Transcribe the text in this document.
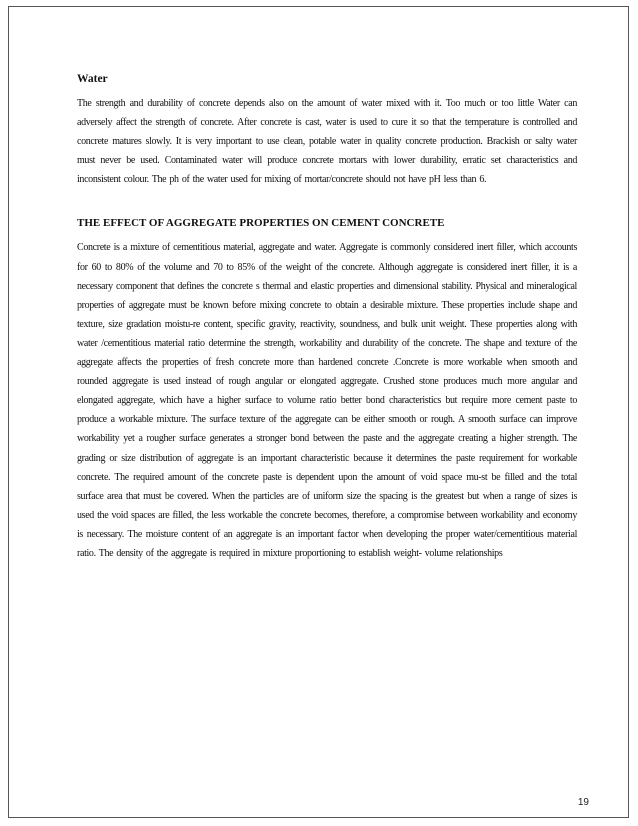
Water

The strength and durability of concrete depends also on the amount of water mixed with it. Too much or too little Water can adversely affect the strength of concrete. After concrete is cast, water is used to cure it so that the temperature is controlled and concrete matures slowly. It is very important to use clean, potable water in quality concrete production. Brackish or salty water must never be used. Contaminated water will produce concrete mortars with lower durability, erratic set characteristics and inconsistent colour. The ph of the water used for mixing of mortar/concrete should not have pH less than 6.

THE EFFECT OF AGGREGATE PROPERTIES ON CEMENT CONCRETE

Concrete is a mixture of cementitious material, aggregate and water. Aggregate is commonly considered inert filler, which accounts for 60 to 80% of the volume and 70 to 85% of the weight of the concrete. Although aggregate is considered inert filler, it is a necessary component that defines the concrete s thermal and elastic properties and dimensional stability. Physical and mineralogical properties of aggregate must be known before mixing concrete to obtain a desirable mixture. These properties include shape and texture, size gradation moistu-re content, specific gravity, reactivity, soundness, and bulk unit weight. These properties along with water /cementitious material ratio determine the strength, workability and durability of the concrete. The shape and texture of the aggregate affects the properties of fresh concrete more than hardened concrete .Concrete is more workable when smooth and rounded aggregate is used instead of rough angular or elongated aggregate. Crushed stone produces much more angular and elongated aggregate, which have a higher surface to volume ratio better bond characteristics but require more cement paste to produce a workable mixture. The surface texture of the aggregate can be either smooth or rough. A smooth surface can improve workability yet a rougher surface generates a stronger bond between the paste and the aggregate creating a higher strength. The grading or size distribution of aggregate is an important characteristic because it determines the paste requirement for workable concrete. The required amount of the concrete paste is dependent upon the amount of void space mu-st be filled and the total surface area that must be covered. When the particles are of uniform size the spacing is the greatest but when a range of sizes is used the void spaces are filled, the less workable the concrete becomes, therefore, a compromise between workability and economy is necessary. The moisture content of an aggregate is an important factor when developing the proper water/cementitious material ratio. The density of the aggregate is required in mixture proportioning to establish weight- volume relationships

19
